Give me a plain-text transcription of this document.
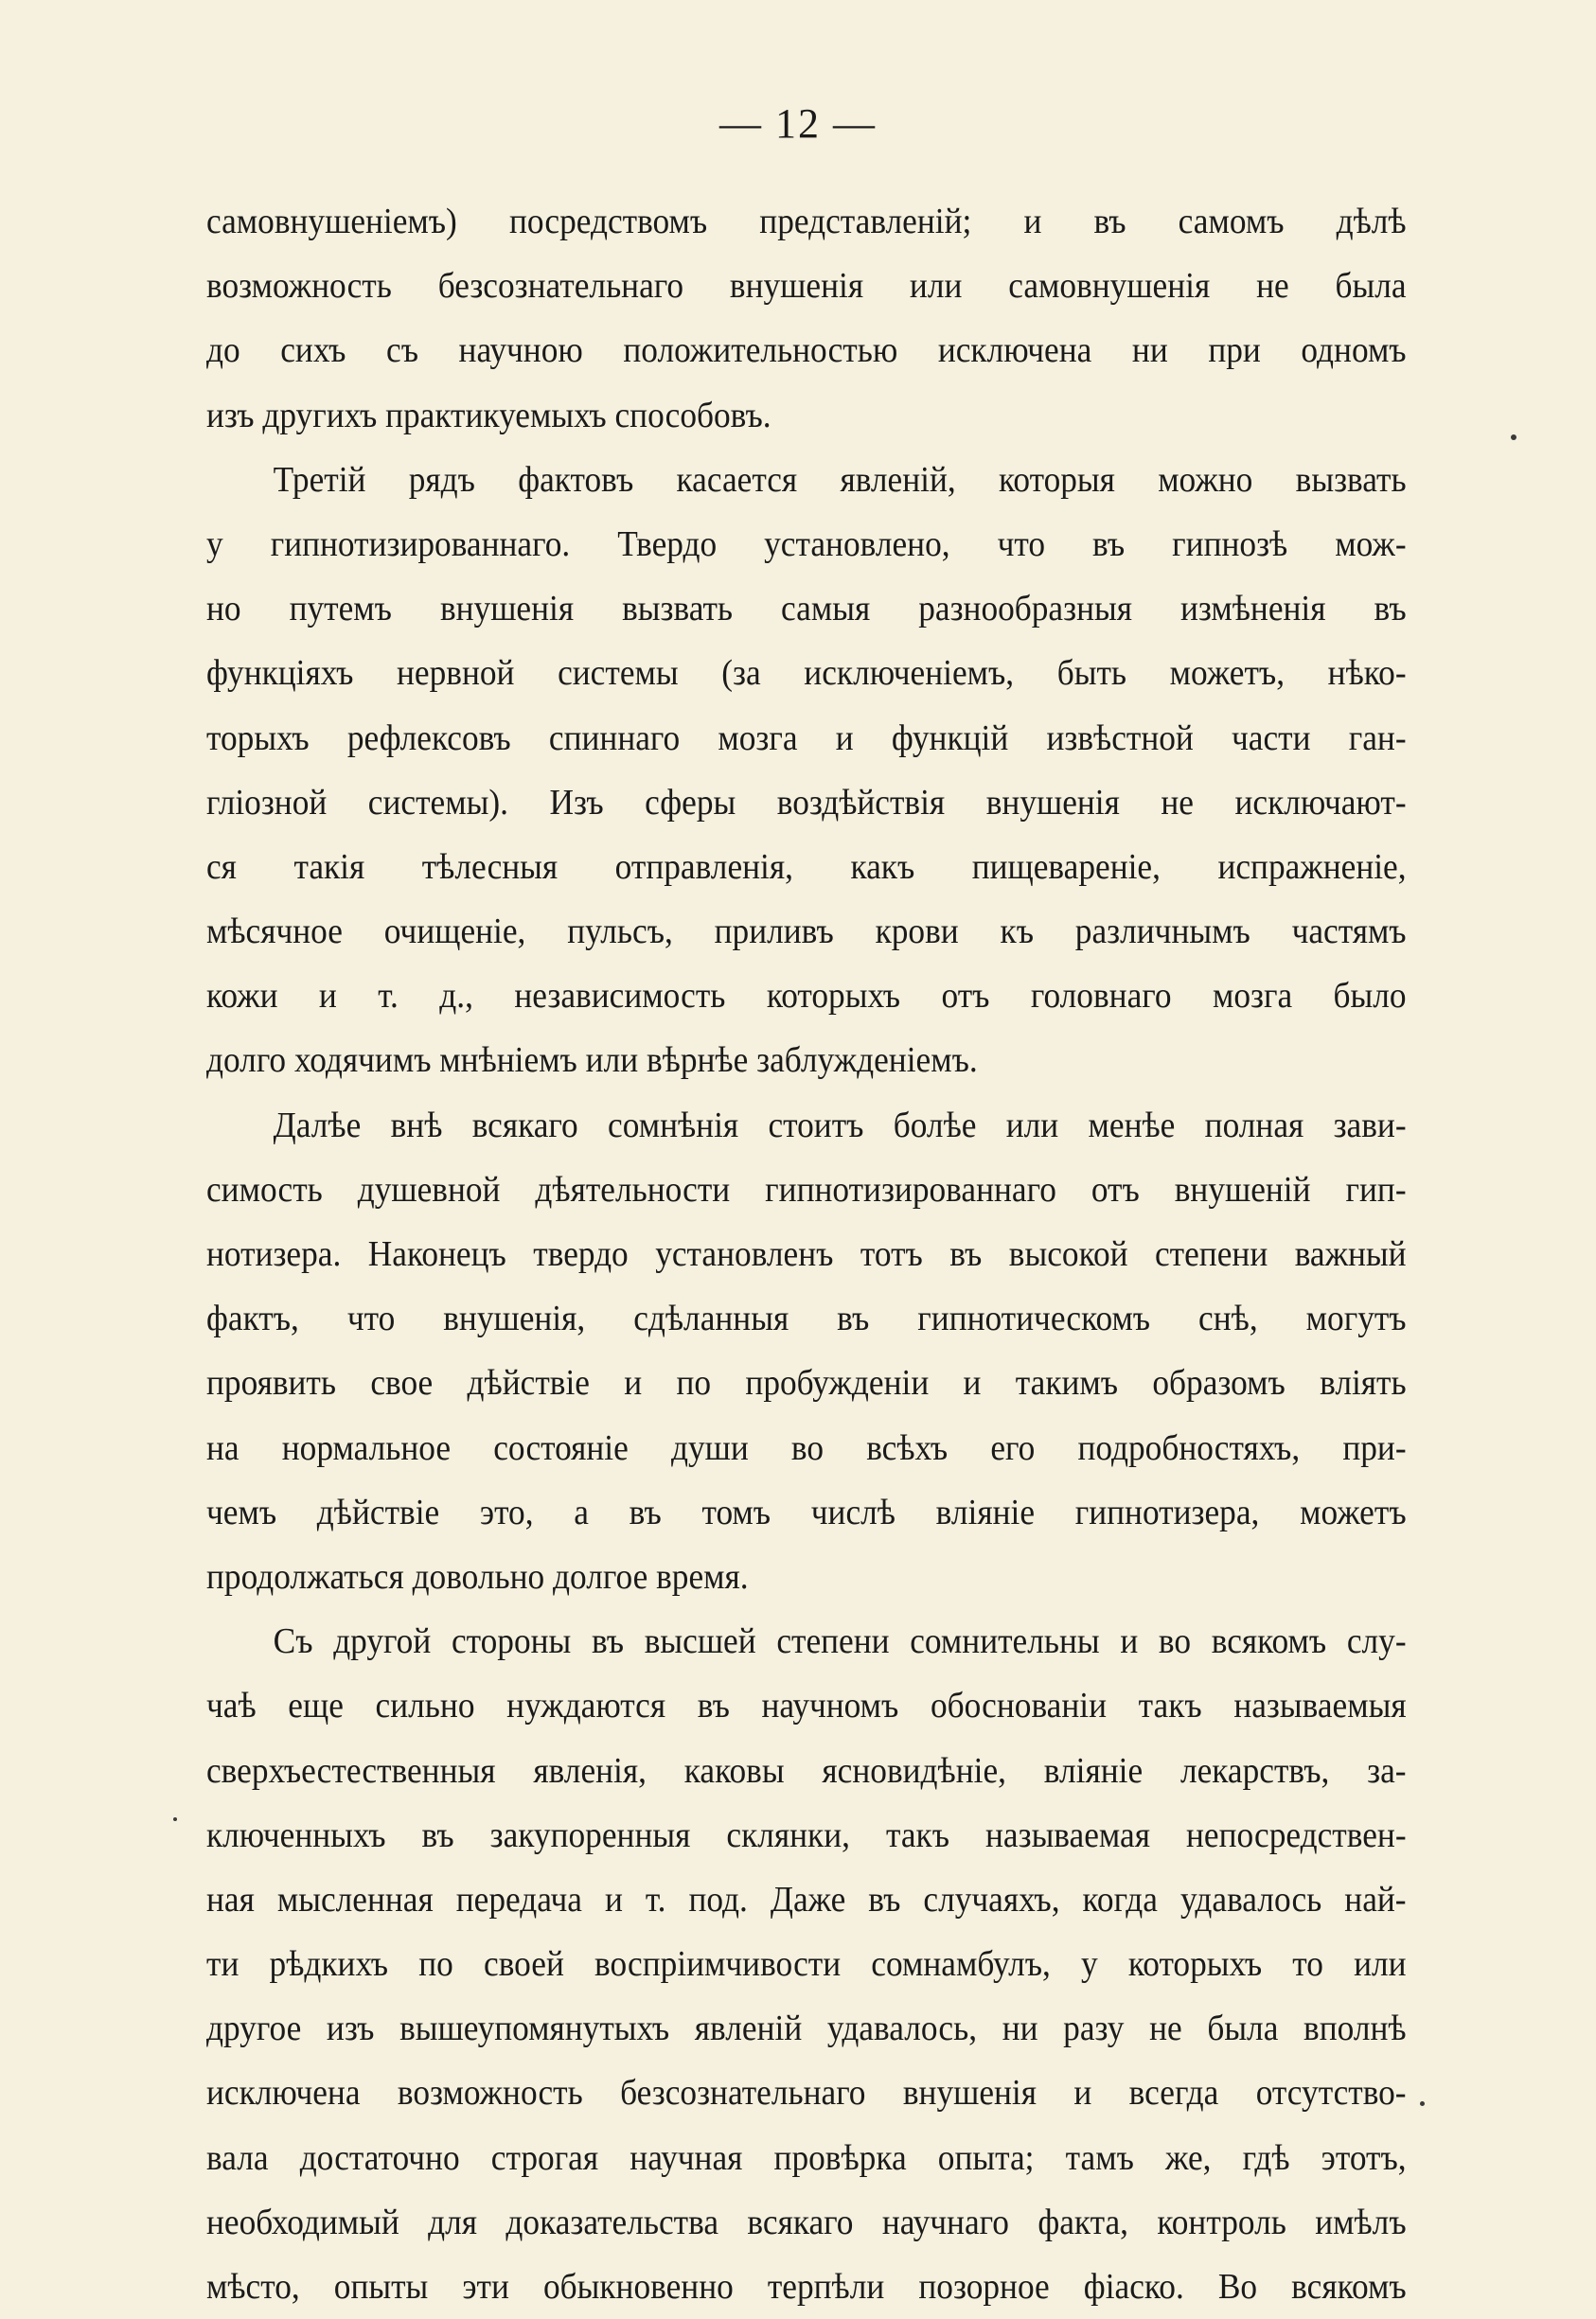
— 12 —
самовнушеніемъ) посредствомъ представленій; и въ самомъ дѣлѣ
возможность безсознательнаго внушенія или самовнушенія не была
до сихъ съ научною положительностью исключена ни при одномъ
изъ другихъ практикуемыхъ способовъ.
Третій рядъ фактовъ касается явленій, которыя можно вызвать
у гипнотизированнаго. Твердо установлено, что въ гипнозѣ мож-
но путемъ внушенія вызвать самыя разнообразныя измѣненія въ
функціяхъ нервной системы (за исключеніемъ, быть можетъ, нѣко-
торыхъ рефлексовъ спиннаго мозга и функцій извѣстной части ган-
гліозной системы). Изъ сферы воздѣйствія внушенія не исключают-
ся такія тѣлесныя отправленія, какъ пищевареніе, испражненіе,
мѣсячное очищеніе, пульсъ, приливъ крови къ различнымъ частямъ
кожи и т. д., независимость которыхъ отъ головнаго мозга было
долго ходячимъ мнѣніемъ или вѣрнѣе заблужденіемъ.
Далѣе внѣ всякаго сомнѣнія стоитъ болѣе или менѣе полная зави-
симость душевной дѣятельности гипнотизированнаго отъ внушеній гип-
нотизера. Наконецъ твердо установленъ тотъ въ высокой степени важный
фактъ, что внушенія, сдѣланныя въ гипнотическомъ снѣ, могутъ
проявить свое дѣйствіе и по пробужденіи и такимъ образомъ вліять
на нормальное состояніе души во всѣхъ его подробностяхъ, при-
чемъ дѣйствіе это, а въ томъ числѣ вліяніе гипнотизера, можетъ
продолжаться довольно долгое время.
Съ другой стороны въ высшей степени сомнительны и во всякомъ слу-
чаѣ еще сильно нуждаются въ научномъ обоснованіи такъ называемыя
сверхъестественныя явленія, каковы ясновидѣніе, вліяніе лекарствъ, за-
ключенныхъ въ закупоренныя склянки, такъ называемая непосредствен-
ная мысленная передача и т. под. Даже въ случаяхъ, когда удавалось най-
ти рѣдкихъ по своей воспріимчивости сомнамбулъ, у которыхъ то или
другое изъ вышеупомянутыхъ явленій удавалось, ни разу не была вполнѣ
исключена возможность безсознательнаго внушенія и всегда отсутство-
вала достаточно строгая научная провѣрка опыта; тамъ же, гдѣ этотъ,
необходимый для доказательства всякаго научнаго факта, контроль имѣлъ
мѣсто, опыты эти обыкновенно терпѣли позорное фіаско. Во всякомъ
